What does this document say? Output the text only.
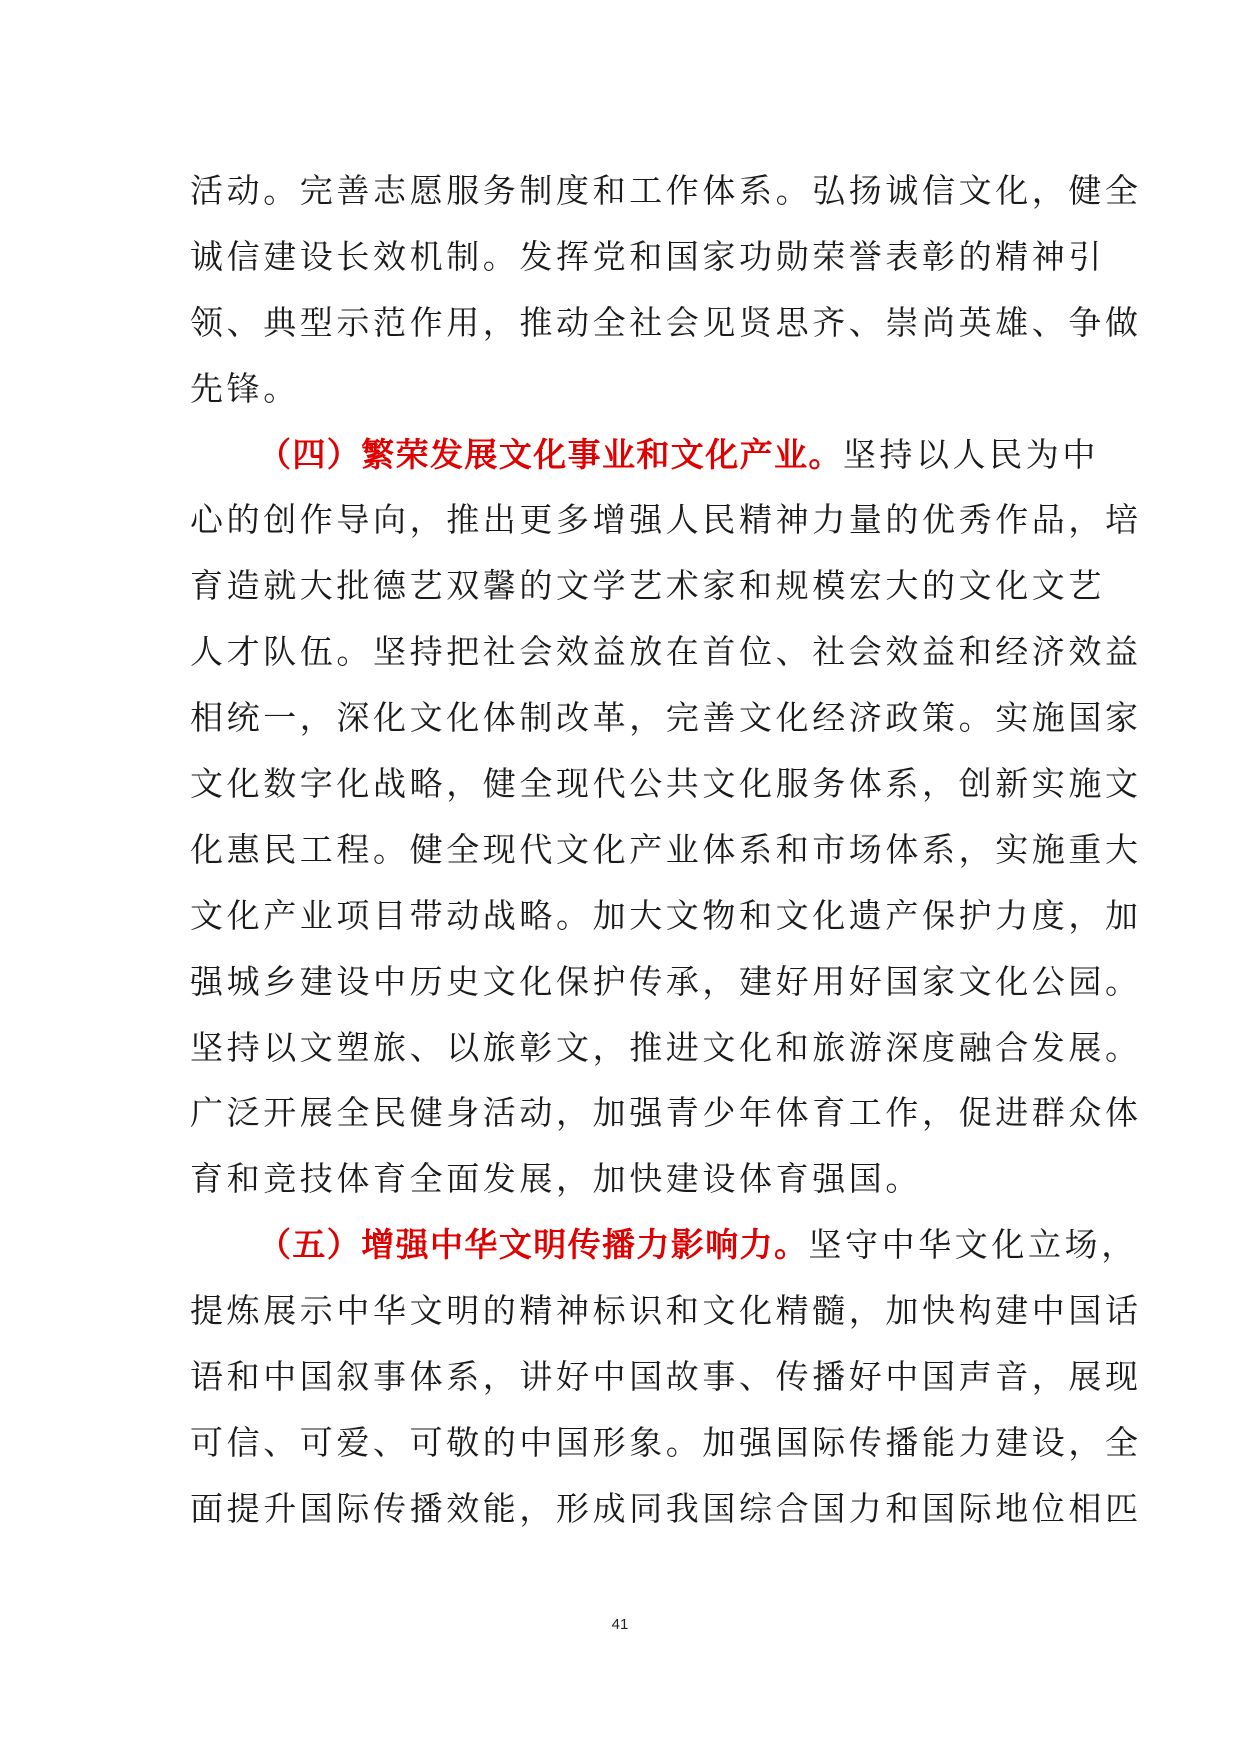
活动。完善志愿服务制度和工作体系。弘扬诚信文化，健全
诚信建设长效机制。发挥党和国家功勋荣誉表彰的精神引
领、典型示范作用，推动全社会见贤思齐、崇尚英雄、争做
先锋。
（四）繁荣发展文化事业和文化产业。坚持以人民为中
心的创作导向，推出更多增强人民精神力量的优秀作品，培
育造就大批德艺双馨的文学艺术家和规模宏大的文化文艺
人才队伍。坚持把社会效益放在首位、社会效益和经济效益
相统一，深化文化体制改革，完善文化经济政策。实施国家
文化数字化战略，健全现代公共文化服务体系，创新实施文
化惠民工程。健全现代文化产业体系和市场体系，实施重大
文化产业项目带动战略。加大文物和文化遗产保护力度，加
强城乡建设中历史文化保护传承，建好用好国家文化公园。
坚持以文塑旅、以旅彰文，推进文化和旅游深度融合发展。
广泛开展全民健身活动，加强青少年体育工作，促进群众体
育和竞技体育全面发展，加快建设体育强国。
（五）增强中华文明传播力影响力。坚守中华文化立场，
提炼展示中华文明的精神标识和文化精髓，加快构建中国话
语和中国叙事体系，讲好中国故事、传播好中国声音，展现
可信、可爱、可敬的中国形象。加强国际传播能力建设，全
面提升国际传播效能，形成同我国综合国力和国际地位相匹
41
